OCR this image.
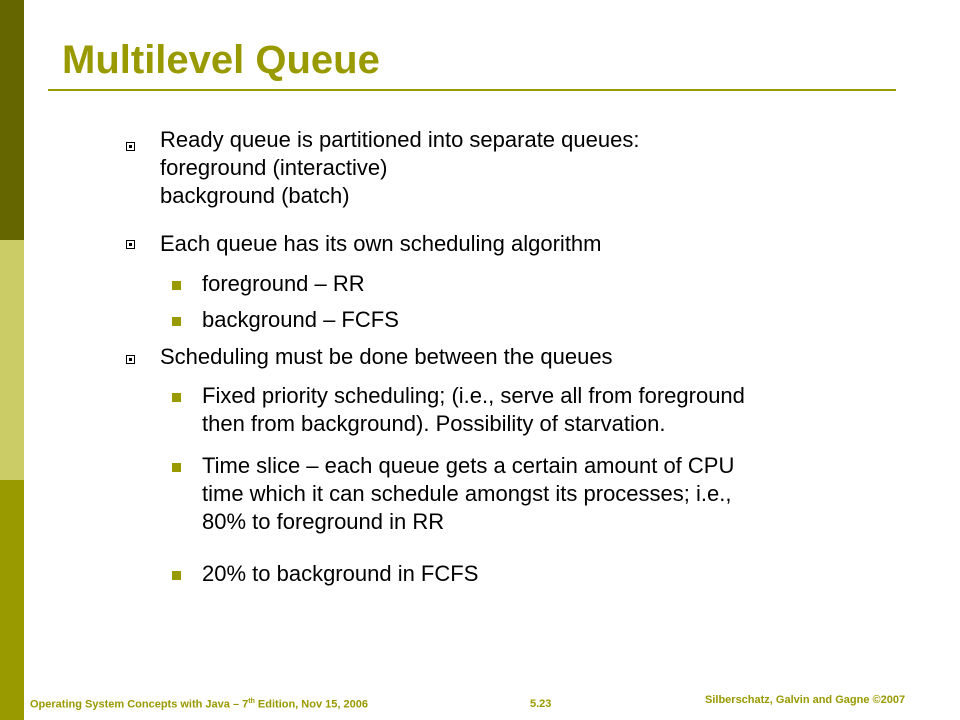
Multilevel Queue
Ready queue is partitioned into separate queues:
foreground (interactive)
background (batch)
Each queue has its own scheduling algorithm
foreground – RR
background – FCFS
Scheduling must be done between the queues
Fixed priority scheduling; (i.e., serve all from foreground
then from background). Possibility of starvation.
Time slice – each queue gets a certain amount of CPU
time which it can schedule amongst its processes; i.e.,
80% to foreground in RR
20% to background in FCFS
Operating System Concepts with Java – 7th Edition, Nov 15, 2006	5.23	Silberschatz, Galvin and Gagne ©2007
